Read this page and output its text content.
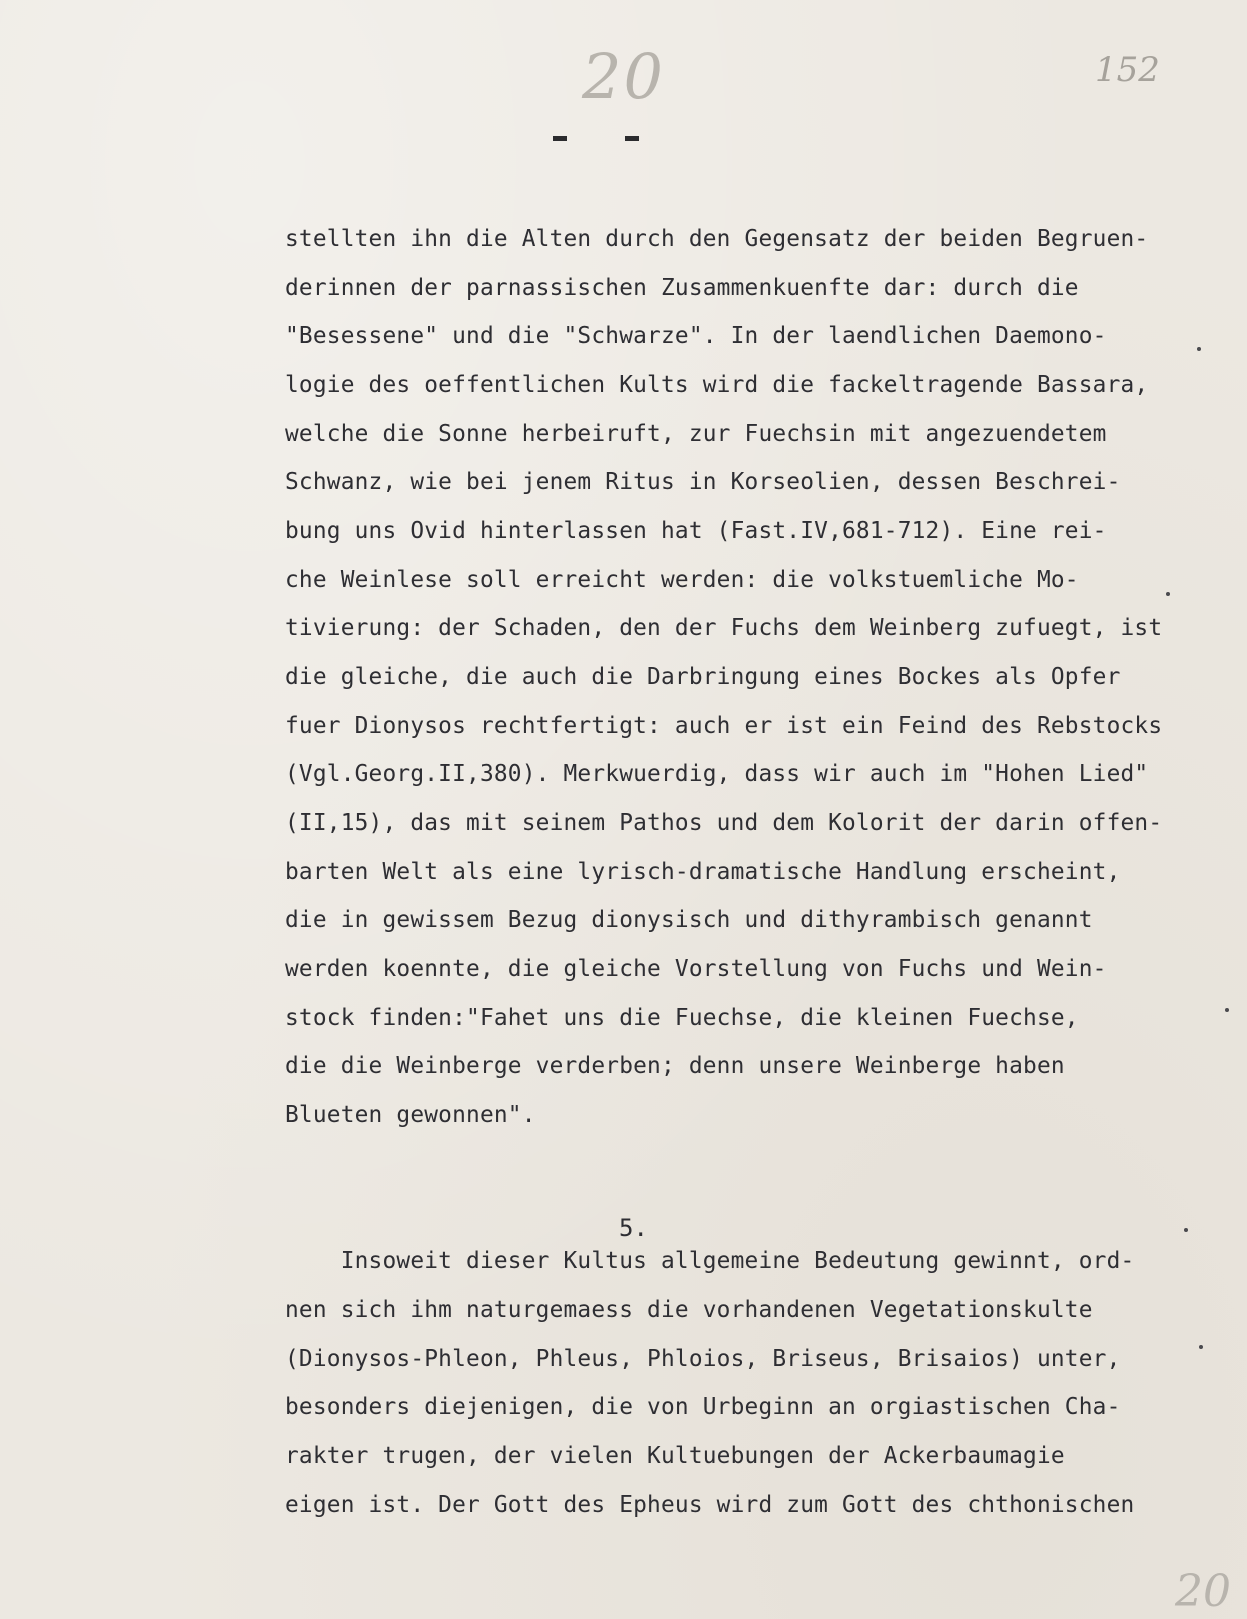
20	152
stellten ihn die Alten durch den Gegensatz der beiden Begruen-
derinnen der parnassischen Zusammenkuenfte dar: durch die
"Besessene" und die "Schwarze". In der laendlichen Daemono-
logie des oeffentlichen Kults wird die fackeltragende Bassara,
welche die Sonne herbeiruft, zur Fuechsin mit angezuendetem
Schwanz, wie bei jenem Ritus in Korseolien, dessen Beschrei-
bung uns Ovid hinterlassen hat (Fast.IV,681-712). Eine rei-
che Weinlese soll erreicht werden: die volkstuemliche Mo-
tivierung: der Schaden, den der Fuchs dem Weinberg zufuegt, ist
die gleiche, die auch die Darbringung eines Bockes als Opfer
fuer Dionysos rechtfertigt: auch er ist ein Feind des Rebstocks
(Vgl.Georg.II,380). Merkwuerdig, dass wir auch im "Hohen Lied"
(II,15), das mit seinem Pathos und dem Kolorit der darin offen-
barten Welt als eine lyrisch-dramatische Handlung erscheint,
die in gewissem Bezug dionysisch und dithyrambisch genannt
werden koennte, die gleiche Vorstellung von Fuchs und Wein-
stock finden:"Fahet uns die Fuechse, die kleinen Fuechse,
die die Weinberge verderben; denn unsere Weinberge haben
Blueten gewonnen".
5.
Insoweit dieser Kultus allgemeine Bedeutung gewinnt, ord-
nen sich ihm naturgemaess die vorhandenen Vegetationskulte
(Dionysos-Phleon, Phleus, Phloios, Briseus, Brisaios) unter,
besonders diejenigen, die von Urbeginn an orgiastischen Cha-
rakter trugen, der vielen Kultuebungen der Ackerbaumagie
eigen ist. Der Gott des Epheus wird zum Gott des chthonischen
20
